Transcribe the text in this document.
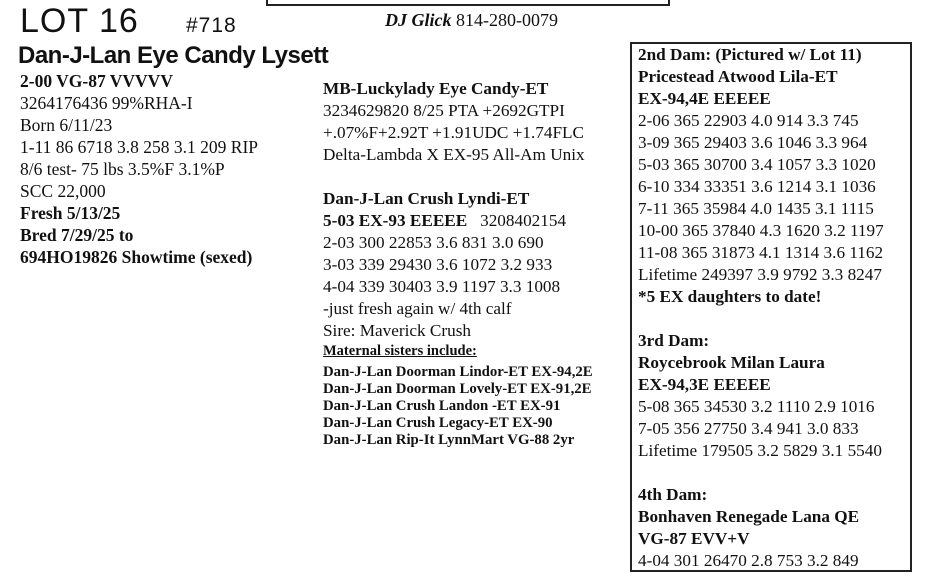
LOT 16 #718	DJ Glick 814-280-0079
Dan-J-Lan Eye Candy Lysett
2-00 VG-87 VVVVV
3264176436 99%RHA-I
Born 6/11/23
1-11 86 6718 3.8 258 3.1 209 RIP
8/6 test- 75 lbs 3.5%F 3.1%P
SCC 22,000
Fresh 5/13/25
Bred 7/29/25 to
694HO19826 Showtime (sexed)
MB-Luckylady Eye Candy-ET
3234629820 8/25 PTA +2692GTPI
+.07%F+2.92T +1.91UDC +1.74FLC
Delta-Lambda X EX-95 All-Am Unix
Dan-J-Lan Crush Lyndi-ET
5-03 EX-93 EEEEE 3208402154
2-03 300 22853 3.6 831 3.0 690
3-03 339 29430 3.6 1072 3.2 933
4-04 339 30403 3.9 1197 3.3 1008
-just fresh again w/ 4th calf
Sire: Maverick Crush
Maternal sisters include:
Dan-J-Lan Doorman Lindor-ET EX-94,2E
Dan-J-Lan Doorman Lovely-ET EX-91,2E
Dan-J-Lan Crush Landon -ET EX-91
Dan-J-Lan Crush Legacy-ET EX-90
Dan-J-Lan Rip-It LynnMart VG-88 2yr
2nd Dam: (Pictured w/ Lot 11)
Pricestead Atwood Lila-ET
EX-94,4E EEEEE
2-06 365 22903 4.0 914 3.3 745
3-09 365 29403 3.6 1046 3.3 964
5-03 365 30700 3.4 1057 3.3 1020
6-10 334 33351 3.6 1214 3.1 1036
7-11 365 35984 4.0 1435 3.1 1115
10-00 365 37840 4.3 1620 3.2 1197
11-08 365 31873 4.1 1314 3.6 1162
Lifetime 249397 3.9 9792 3.3 8247
*5 EX daughters to date!
3rd Dam:
Roycebrook Milan Laura
EX-94,3E EEEEE
5-08 365 34530 3.2 1110 2.9 1016
7-05 356 27750 3.4 941 3.0 833
Lifetime 179505 3.2 5829 3.1 5540
4th Dam:
Bonhaven Renegade Lana QE
VG-87 EVV+V
4-04 301 26470 2.8 753 3.2 849
